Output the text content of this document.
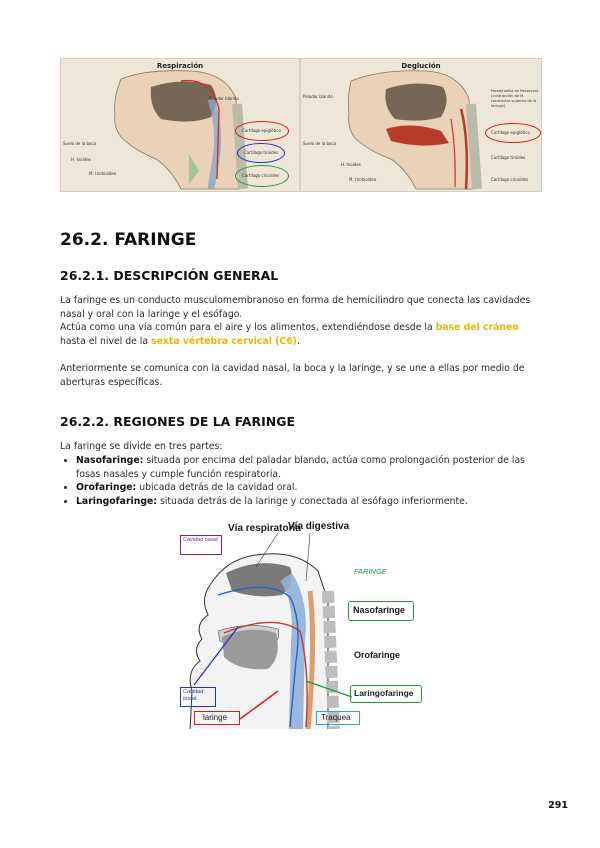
Respiración
Paladar blando
Suelo de la boca
H. hioides
M. tirohioideo
Cartílago epiglótico
Cartílago tiroides
Cartílago cricoides
Deglución
Paladar blando
Pared/rodilla de Passavant (contracción de M. constrictor superior de la faringe)
Cartílago epiglótico
Suelo de la boca
Cartílago tiroides
H. hioides
M. tirohioideo	Cartílago cricoides
26.2. FARINGE
26.2.1. DESCRIPCIÓN GENERAL
La faringe es un conducto musculomembranoso en forma de hemicilindro que conecta las cavidades nasal y oral con la laringe y el esófago.
Actúa como una vía común para el aire y los alimentos, extendiéndose desde la base del cráneo hasta el nivel de la sexta vértebra cervical (C6).
Anteriormente se comunica con la cavidad nasal, la boca y la laringe, y se une a ellas por medio de aberturas específicas.
26.2.2. REGIONES DE LA FARINGE
La faringe se divide en tres partes:
• Nasofaringe: situada por encima del paladar blando, actúa como prolongación posterior de las fosas nasales y cumple función respiratoria.
• Orofaringe: ubicada detrás de la cavidad oral.
• Laringofaringe: situada detrás de la laringe y conectada al esófago inferiormente.
Vía respiratoria
Vía digestiva
FARINGE
Cavidad nasal
Nasofaringe
Orofaringe
Laringofaringe
Cavidad bucal
laringe	Traquea
291
